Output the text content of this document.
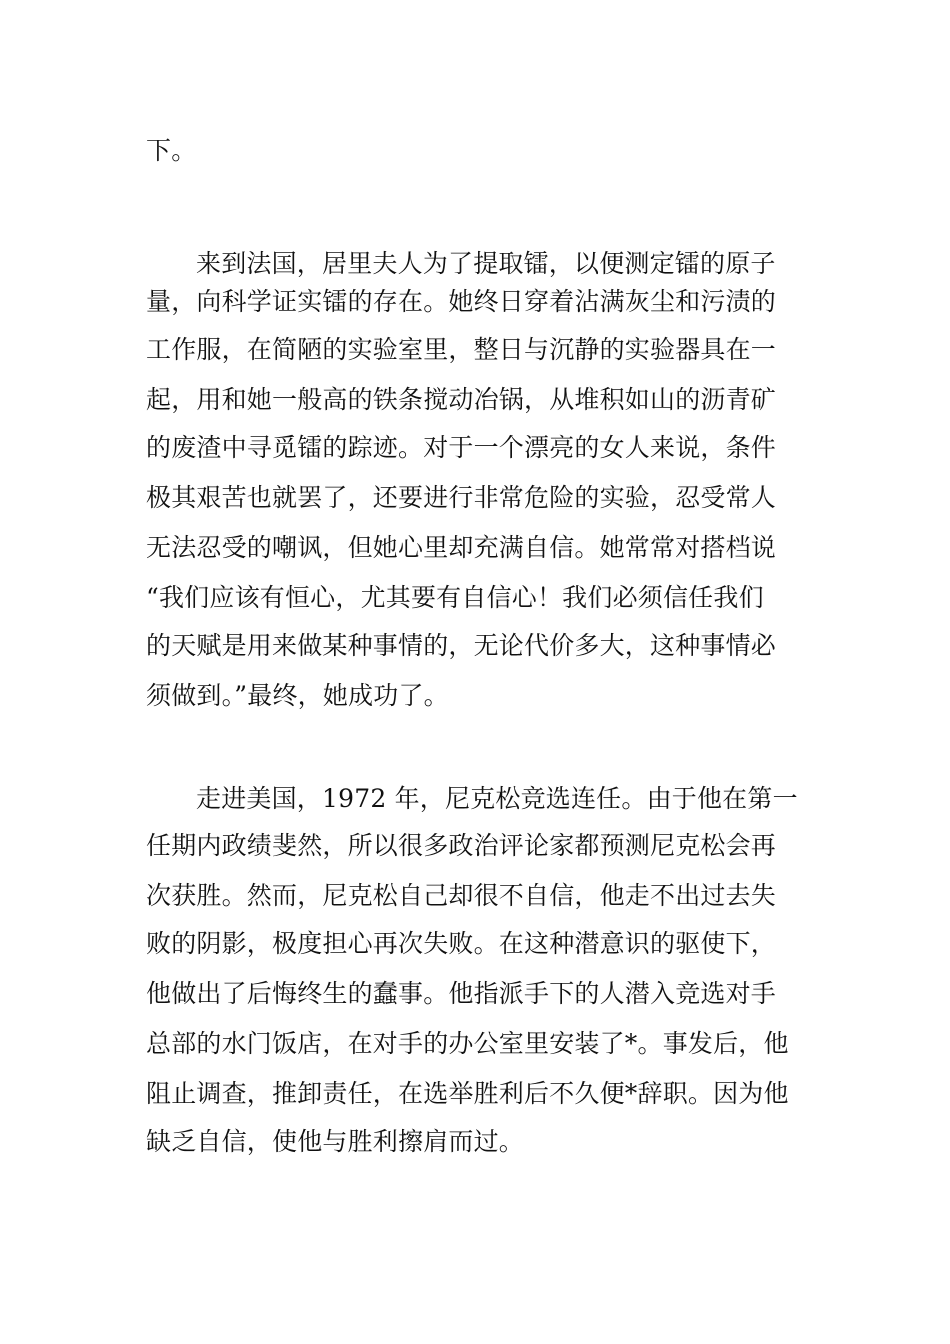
下。
来到法国，居里夫人为了提取镭，以便测定镭的原子
量，向科学证实镭的存在。她终日穿着沾满灰尘和污渍的
工作服，在简陋的实验室里，整日与沉静的实验器具在一
起，用和她一般高的铁条搅动冶锅，从堆积如山的沥青矿
的废渣中寻觅镭的踪迹。对于一个漂亮的女人来说，条件
极其艰苦也就罢了，还要进行非常危险的实验，忍受常人
无法忍受的嘲讽，但她心里却充满自信。她常常对搭档说
“我们应该有恒心，尤其要有自信心！我们必须信任我们
的天赋是用来做某种事情的，无论代价多大，这种事情必
须做到。”最终，她成功了。
走进美国，1972 年，尼克松竞选连任。由于他在第一
任期内政绩斐然，所以很多政治评论家都预测尼克松会再
次获胜。然而，尼克松自己却很不自信，他走不出过去失
败的阴影，极度担心再次失败。在这种潜意识的驱使下，
他做出了后悔终生的蠢事。他指派手下的人潜入竞选对手
总部的水门饭店，在对手的办公室里安装了*。事发后，他
阻止调查，推卸责任，在选举胜利后不久便*辞职。因为他
缺乏自信，使他与胜利擦肩而过。
